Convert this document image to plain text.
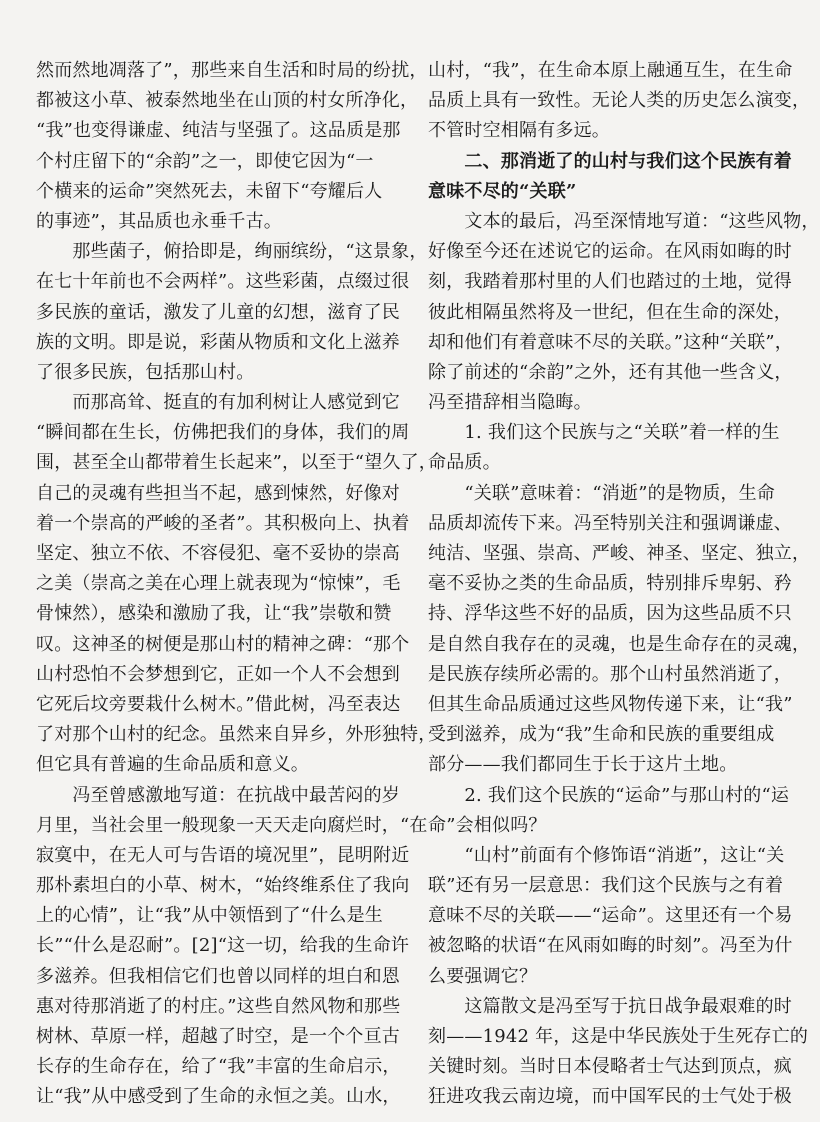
然而然地凋落了”，那些来自生活和时局的纷扰，
都被这小草、被泰然地坐在山顶的村女所净化，
“我”也变得谦虚、纯洁与坚强了。这品质是那
个村庄留下的“余韵”之一，即使它因为“一
个横来的运命”突然死去，未留下“夸耀后人
的事迹”，其品质也永垂千古。
　　那些菌子，俯拾即是，绚丽缤纷，“这景象，
在七十年前也不会两样”。这些彩菌，点缀过很
多民族的童话，激发了儿童的幻想，滋育了民
族的文明。即是说，彩菌从物质和文化上滋养
了很多民族，包括那山村。
　　而那高耸、挺直的有加利树让人感觉到它
“瞬间都在生长，仿佛把我们的身体，我们的周
围，甚至全山都带着生长起来”，以至于“望久了，
自己的灵魂有些担当不起，感到悚然，好像对
着一个崇高的严峻的圣者”。其积极向上、执着
坚定、独立不依、不容侵犯、毫不妥协的崇高
之美（崇高之美在心理上就表现为“惊悚”，毛
骨悚然），感染和激励了我，让“我”崇敬和赞
叹。这神圣的树便是那山村的精神之碑：“那个
山村恐怕不会梦想到它，正如一个人不会想到
它死后坟旁要栽什么树木。”借此树，冯至表达
了对那个山村的纪念。虽然来自异乡，外形独特，
但它具有普遍的生命品质和意义。
　　冯至曾感激地写道：在抗战中最苦闷的岁
月里，当社会里一般现象一天天走向腐烂时，“在
寂寞中，在无人可与告语的境况里”，昆明附近
那朴素坦白的小草、树木，“始终维系住了我向
上的心情”，让“我”从中领悟到了“什么是生
长”“什么是忍耐”。[2]“这一切，给我的生命许
多滋养。但我相信它们也曾以同样的坦白和恩
惠对待那消逝了的村庄。”这些自然风物和那些
树林、草原一样，超越了时空，是一个个亘古
长存的生命存在，给了“我”丰富的生命启示，
让“我”从中感受到了生命的永恒之美。山水，
山村，“我”，在生命本原上融通互生，在生命
品质上具有一致性。无论人类的历史怎么演变，
不管时空相隔有多远。
　　二、那消逝了的山村与我们这个民族有着
意味不尽的“关联”
　　文本的最后，冯至深情地写道：“这些风物，
好像至今还在述说它的运命。在风雨如晦的时
刻，我踏着那村里的人们也踏过的土地，觉得
彼此相隔虽然将及一世纪，但在生命的深处，
却和他们有着意味不尽的关联。”这种“关联”，
除了前述的“余韵”之外，还有其他一些含义，
冯至措辞相当隐晦。
　　1. 我们这个民族与之“关联”着一样的生
命品质。
　　“关联”意味着：“消逝”的是物质，生命
品质却流传下来。冯至特别关注和强调谦虚、
纯洁、坚强、崇高、严峻、神圣、坚定、独立，
毫不妥协之类的生命品质，特别排斥卑躬、矜
持、浮华这些不好的品质，因为这些品质不只
是自然自我存在的灵魂，也是生命存在的灵魂，
是民族存续所必需的。那个山村虽然消逝了，
但其生命品质通过这些风物传递下来，让“我”
受到滋养，成为“我”生命和民族的重要组成
部分——我们都同生于长于这片土地。
　　2. 我们这个民族的“运命”与那山村的“运
命”会相似吗？
　　“山村”前面有个修饰语“消逝”，这让“关
联”还有另一层意思：我们这个民族与之有着
意味不尽的关联——“运命”。这里还有一个易
被忽略的状语“在风雨如晦的时刻”。冯至为什
么要强调它？
　　这篇散文是冯至写于抗日战争最艰难的时
刻——1942 年，这是中华民族处于生死存亡的
关键时刻。当时日本侵略者士气达到顶点，疯
狂进攻我云南边境，而中国军民的士气处于极
